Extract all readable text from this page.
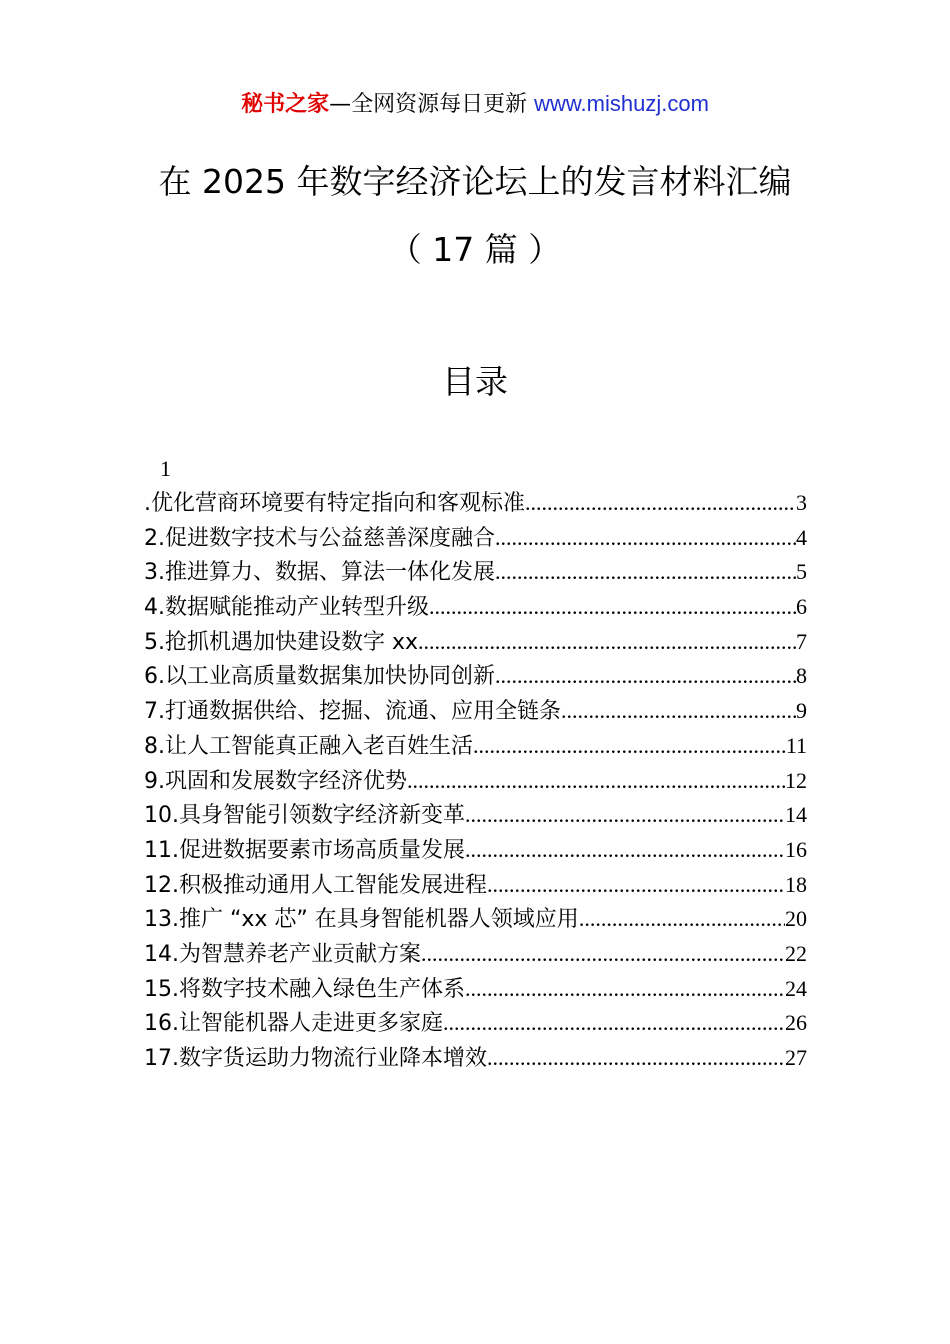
秘书之家—全网资源每日更新 www.mishuzj.com
在 2025 年数字经济论坛上的发言材料汇编
（ 17 篇 ）
目录
1
.优化营商环境要有特定指向和客观标准 .....	3
2.促进数字技术与公益慈善深度融合 .....	4
3.推进算力、数据、算法一体化发展 .....	5
4.数据赋能推动产业转型升级 .....	6
5.抢抓机遇加快建设数字 xx .....	7
6.以工业高质量数据集加快协同创新 .....	8
7.打通数据供给、挖掘、流通、应用全链条 .....	9
8.让人工智能真正融入老百姓生活 .....	11
9.巩固和发展数字经济优势 .....	12
10.具身智能引领数字经济新变革 .....	14
11.促进数据要素市场高质量发展 .....	16
12.积极推动通用人工智能发展进程 .....	18
13.推广 “xx 芯” 在具身智能机器人领域应用 .....	20
14.为智慧养老产业贡献方案 .....	22
15.将数字技术融入绿色生产体系 .....	24
16.让智能机器人走进更多家庭 .....	26
17.数字货运助力物流行业降本增效 .....	27
